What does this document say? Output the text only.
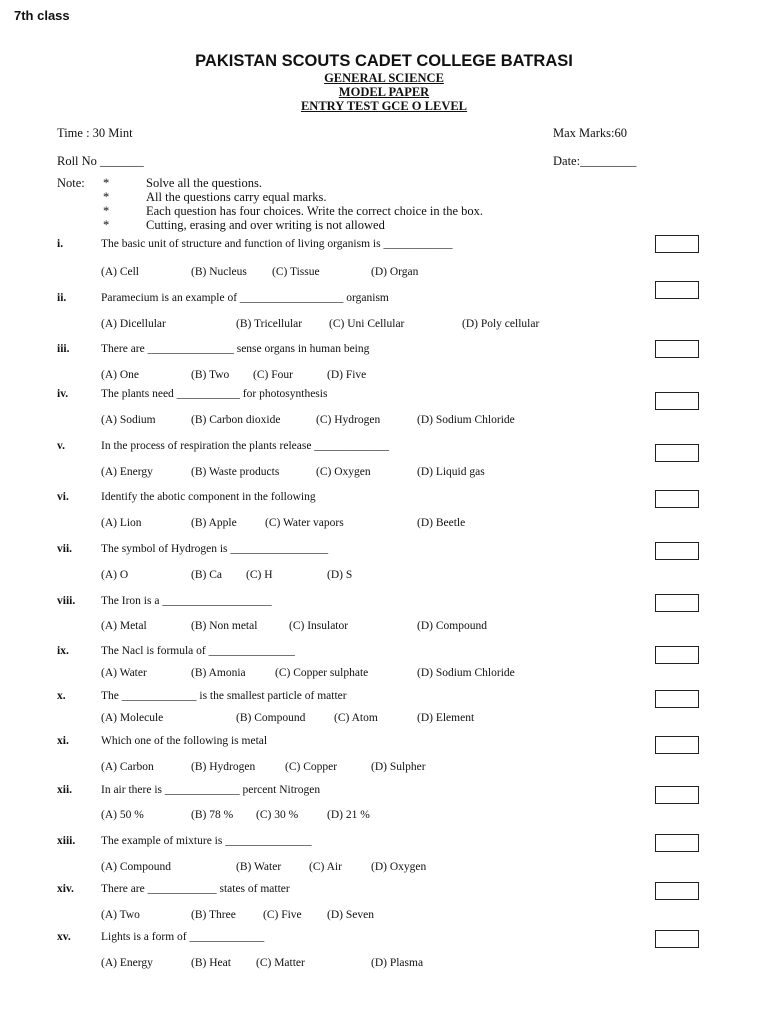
7th class
PAKISTAN SCOUTS CADET COLLEGE BATRASI
GENERAL SCIENCE
MODEL PAPER
ENTRY TEST GCE O LEVEL
Time : 30 Mint	Max Marks:60
Roll No _______	Date:_________
Note: *	Solve all the questions.
*	All the questions carry equal marks.
*	Each question has four choices. Write the correct choice in the box.
*	Cutting, erasing and over writing is not allowed
i.	The basic unit of structure and function of living organism is ____________
(A) Cell	(B) Nucleus (C) Tissue	(D) Organ
ii.	Paramecium is an example of __________________ organism
(A) Dicellular	(B) Tricellular (C) Uni Cellular	(D) Poly cellular
iii.	There are _______________ sense organs in human being
(A) One	(B) Two (C) Four	(D) Five
iv.	The plants need ___________ for photosynthesis
(A) Sodium	(B) Carbon dioxide	(C) Hydrogen	(D) Sodium Chloride
v.	In the process of respiration the plants release _____________
(A) Energy	(B) Waste products	(C) Oxygen	(D) Liquid gas
vi.	Identify the abotic component in the following
(A) Lion	(B) Apple (C) Water vapors	(D) Beetle
vii.	The symbol of Hydrogen is _________________
(A) O	(B) Ca (C) H	(D) S
viii. The Iron is a ___________________
(A) Metal	(B) Non metal	(C) Insulator	(D) Compound
ix.	The Nacl is formula of _______________
(A) Water	(B) Amonia	(C) Copper sulphate	(D) Sodium Chloride
x.	The _____________ is the smallest particle of matter
(A) Molecule	(B) Compound (C) Atom	(D) Element
xi.	Which one of the following is metal
(A) Carbon	(B) Hydrogen	(C) Copper	(D) Sulpher
xii.	In air there is _____________ percent Nitrogen
(A) 50 %	(B) 78 % (C) 30 %	(D) 21 %
xiii. The example of mixture is _______________
(A) Compound	(B) Water (C) Air	(D) Oxygen
xiv. There are ____________ states of matter
(A) Two	(B) Three (C) Five (D) Seven
xv.	Lights is a form of _____________
(A) Energy	(B) Heat (C) Matter	(D) Plasma
